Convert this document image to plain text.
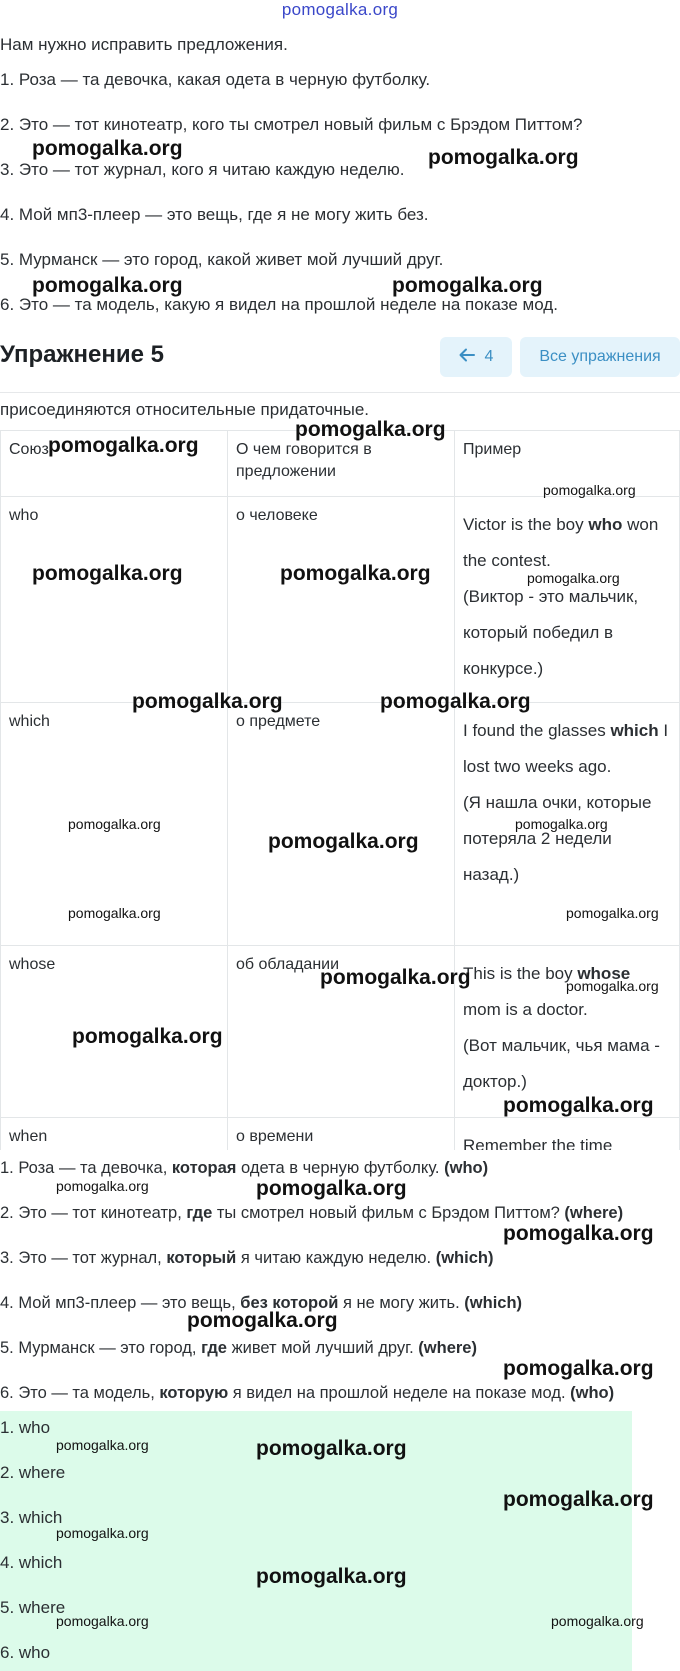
pomogalka.org
Нам нужно исправить предложения.
1. Роза — та девочка, какая одета в черную футболку.
2. Это — тот кинотеатр, кого ты смотрел новый фильм с Брэдом Питтом?
3. Это — тот журнал, кого я читаю каждую неделю.
4. Мой мп3-плеер — это вещь, где я не могу жить без.
5. Мурманск — это город, какой живет мой лучший друг.
6. Это — та модель, какую я видел на прошлой неделе на показе мод.
Упражнение 5	4	Все упражнения
присоединяются относительные придаточные.
Союз	О чем говорится в предложении	Пример
who	о человеке	Victor is the boy who won the contest.
(Виктор - это мальчик, который победил в конкурсе.)
which	о предмете	I found the glasses which I lost two weeks ago.
(Я нашла очки, которые потеряла 2 недели назад.)
whose	об обладании	This is the boy whose mom is a doctor.
(Вот мальчик, чья мама - доктор.)
when	о времени	Remember the time
1. Роза — та девочка, которая одета в черную футболку. (who)
2. Это — тот кинотеатр, где ты смотрел новый фильм с Брэдом Питтом? (where)
3. Это — тот журнал, который я читаю каждую неделю. (which)
4. Мой мп3-плеер — это вещь, без которой я не могу жить. (which)
5. Мурманск — это город, где живет мой лучший друг. (where)
6. Это — та модель, которую я видел на прошлой неделе на показе мод. (who)
1. who
2. where
3. which
4. which
5. where
6. who
pomogalka.org	pomogalka.org
pomogalka.org	pomogalka.org
pomogalka.org
pomogalka.org
pomogalka.org
pomogalka.org	pomogalka.org	pomogalka.org
pomogalka.org	pomogalka.org
pomogalka.org	pomogalka.org
pomogalka.org
pomogalka.org	pomogalka.org
pomogalka.org	pomogalka.org
pomogalka.org
pomogalka.org
pomogalka.org	pomogalka.org
pomogalka.org
pomogalka.org
pomogalka.org
pomogalka.org	pomogalka.org
pomogalka.org
pomogalka.org
pomogalka.org
pomogalka.org	pomogalka.org
